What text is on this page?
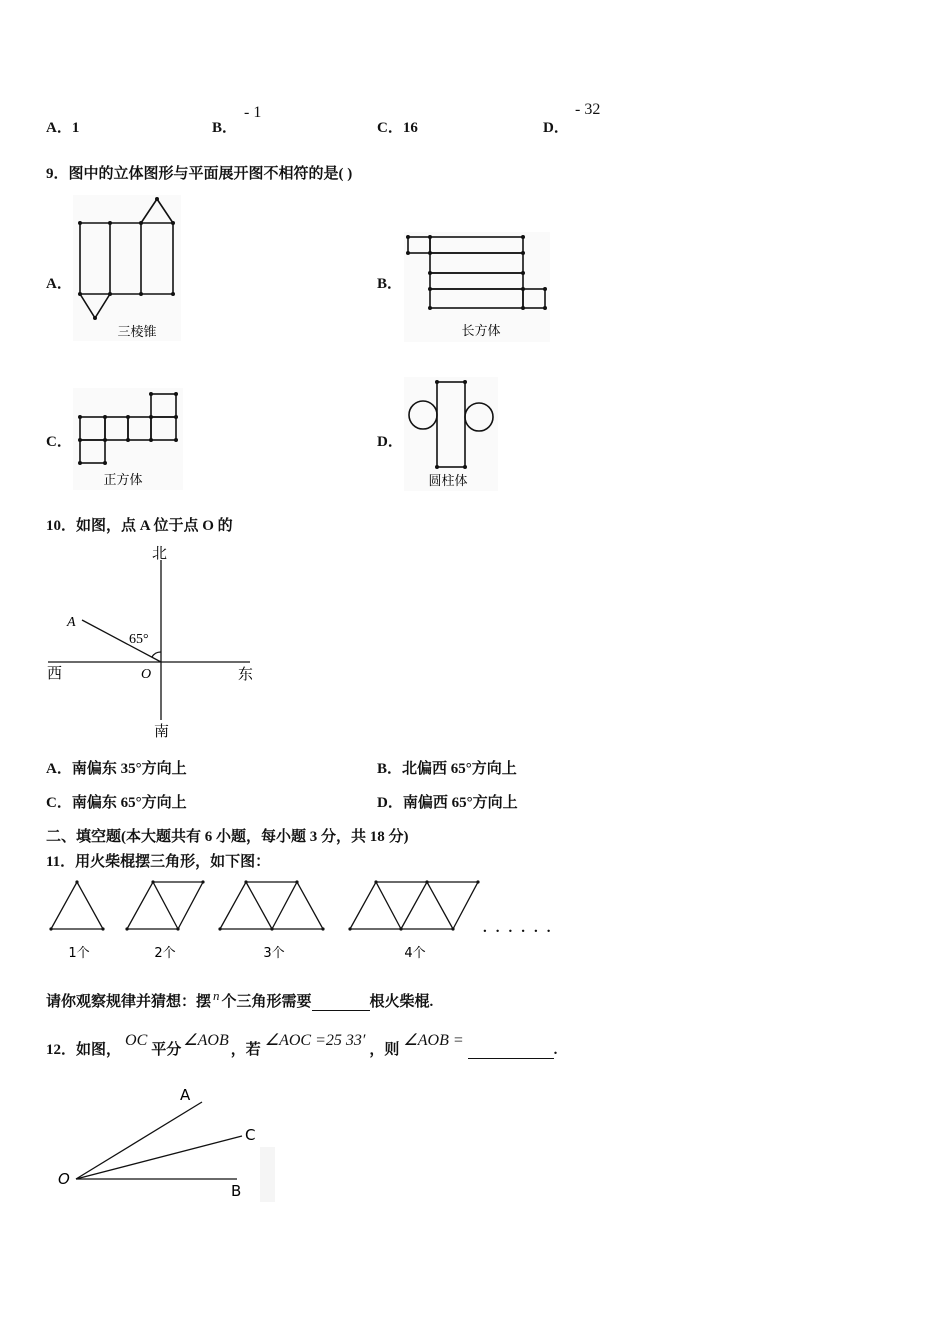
A．1	B．
- 1
C．16	D．
- 32
9．图中的立体图形与平面展开图不相符的是( )
A．
三棱锥
B．
长方体
C．
正方体
D．
圆柱体
10．如图，点 A 位于点 O 的
北
南
西	东
A
O
65°
A．南偏东 35°方向上	B．北偏西 65°方向上
C．南偏东 65°方向上	D．南偏西 65°方向上
二、填空题(本大题共有 6 小题，每小题 3 分，共 18 分)
11．用火柴棍摆三角形，如下图：
1个	2个	3个	4个
......
请你观察规律并猜想：摆 n 个三角形需要	根火柴棍.
12．如图，OC平分∠AOB，若∠AOC =25 33′，则∠AOB =.
A
C
B
O
